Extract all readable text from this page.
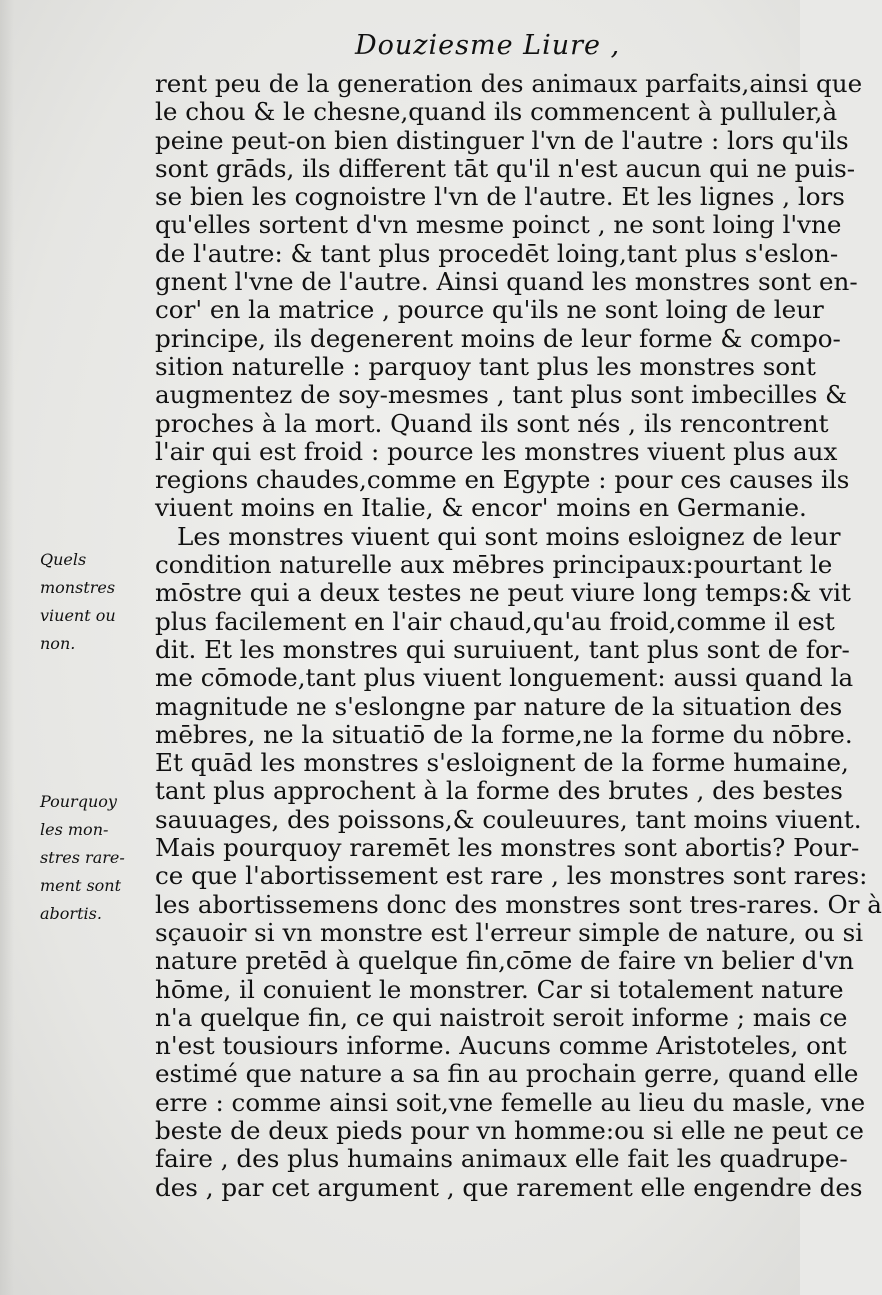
Douziesme Liure ,
Quels
monstres
viuent ou
non.
Pourquoy
les mon-
stres rare-
ment sont
abortis.
rent peu de la generation des animaux parfaits,ainsi que
le chou & le chesne,quand ils commencent à pulluler,à
peine peut-on bien distinguer l'vn de l'autre : lors qu'ils
sont grāds, ils different tāt qu'il n'est aucun qui ne puis-
se bien les cognoistre l'vn de l'autre. Et les lignes , lors
qu'elles sortent d'vn mesme poinct , ne sont loing l'vne
de l'autre: & tant plus procedēt loing,tant plus s'eslon-
gnent l'vne de l'autre. Ainsi quand les monstres sont en-
cor' en la matrice , pource qu'ils ne sont loing de leur
principe, ils degenerent moins de leur forme & compo-
sition naturelle : parquoy tant plus les monstres sont
augmentez de soy-mesmes , tant plus sont imbecilles &
proches à la mort. Quand ils sont nés , ils rencontrent
l'air qui est froid : pource les monstres viuent plus aux
regions chaudes,comme en Egypte : pour ces causes ils
viuent moins en Italie, & encor' moins en Germanie.
Les monstres viuent qui sont moins esloignez de leur
condition naturelle aux mēbres principaux:pourtant le
mōstre qui a deux testes ne peut viure long temps:& vit
plus facilement en l'air chaud,qu'au froid,comme il est
dit. Et les monstres qui suruiuent, tant plus sont de for-
me cōmode,tant plus viuent longuement: aussi quand la
magnitude ne s'eslongne par nature de la situation des
mēbres, ne la situatiō de la forme,ne la forme du nōbre.
Et quād les monstres s'esloignent de la forme humaine,
tant plus approchent à la forme des brutes , des bestes
sauuages, des poissons,& couleuures, tant moins viuent.
Mais pourquoy raremēt les monstres sont abortis? Pour-
ce que l'abortissement est rare , les monstres sont rares:
les abortissemens donc des monstres sont tres-rares. Or à
sçauoir si vn monstre est l'erreur simple de nature, ou si
nature pretēd à quelque fin,cōme de faire vn belier d'vn
hōme, il conuient le monstrer. Car si totalement nature
n'a quelque fin, ce qui naistroit seroit informe ; mais ce
n'est tousiours informe. Aucuns comme Aristoteles, ont
estimé que nature a sa fin au prochain gerre, quand elle
erre : comme ainsi soit,vne femelle au lieu du masle, vne
beste de deux pieds pour vn homme:ou si elle ne peut ce
faire , des plus humains animaux elle fait les quadrupe-
des , par cet argument , que rarement elle engendre des
